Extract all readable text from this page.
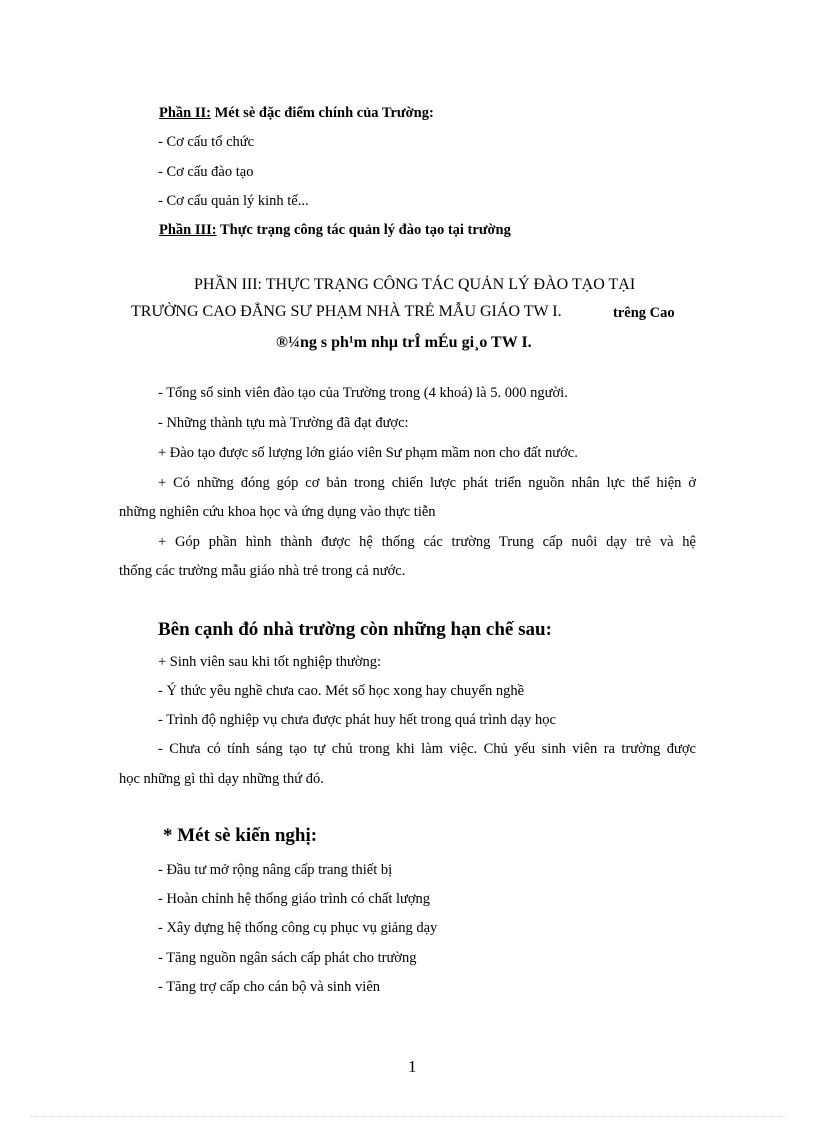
Phần II: Mét sè đặc điểm chính của Trường:
- Cơ cấu tổ chức
- Cơ cấu đào tạo
- Cơ cấu quản lý kinh tế...
Phần III: Thực trạng công tác quản lý đào tạo tại trường
PHẦN III: THỰC TRẠNG CÔNG TÁC QUẢN LÝ ĐÀO TẠO TẠI
TRƯỜNG CAO ĐẲNG SƯ PHẠM NHÀ TRẺ MẪU GIÁO TW I.	trêng Cao
®¼ng s ph¹m nhµ trÎ mÉu gi¸o TW I.
- Tổng số sinh viên đào tạo của Trường trong (4 khoá) là 5. 000 người.
- Những thành tựu mà Trường đã đạt được:
+ Đào tạo được số lượng lớn giáo viên Sư phạm mầm non cho đất nước.
+ Có những đóng góp cơ bản trong chiến lược phát triển nguồn nhân lực thể hiện ở
những nghiên cứu khoa học và ứng dụng vào thực tiễn
+ Góp phần hình thành được hệ thống các trường Trung cấp nuôi dạy trẻ và hệ
thống các trường mẫu giáo nhà trẻ trong cả nước.
Bên cạnh đó nhà trường còn những hạn chế sau:
+ Sinh viên sau khi tốt nghiệp thường:
- Ý thức yêu nghề chưa cao. Mét số học xong hay chuyển nghề
- Trình độ nghiệp vụ chưa được phát huy hết trong quá trình dạy học
- Chưa có tính sáng tạo tự chủ trong khi làm việc. Chủ yếu sinh viên ra trường được
học những gì thì dạy những thứ đó.
* Mét sè kiến nghị:
- Đầu tư mở rộng nâng cấp trang thiết bị
- Hoàn chỉnh hệ thống giáo trình có chất lượng
- Xây dựng hệ thống công cụ phục vụ giảng dạy
- Tăng nguồn ngân sách cấp phát cho trường
- Tăng trợ cấp cho cán bộ và sinh viên
1
